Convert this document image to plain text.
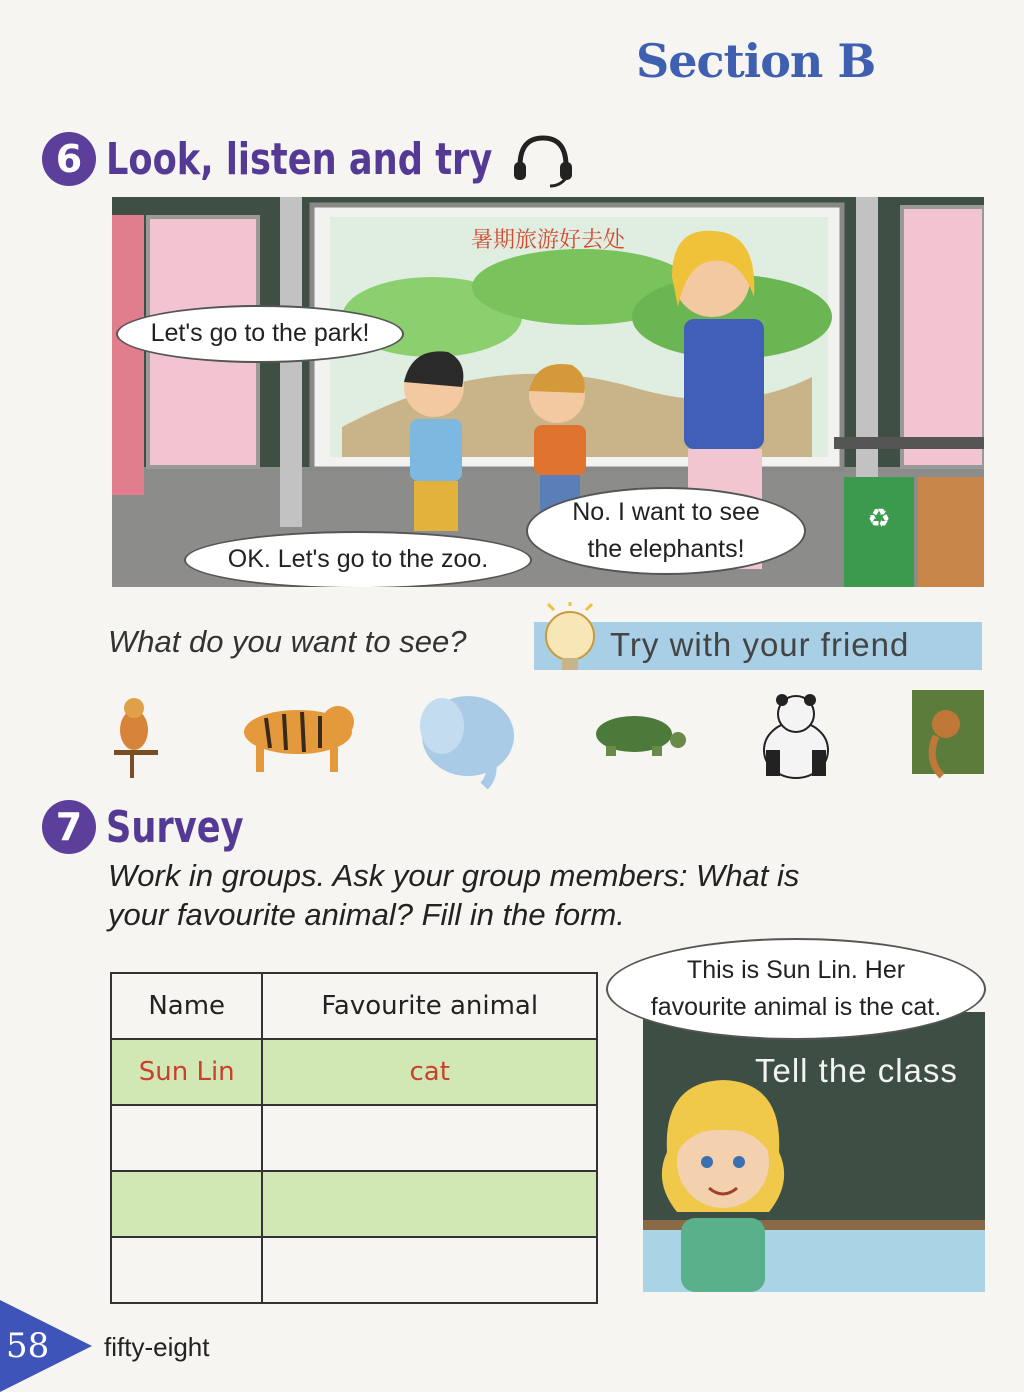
Section B
6 Look, listen and try
♻
暑期旅游好去处
Let's go to the park!
OK. Let's go to the zoo.
No. I want to see
the elephants!
What do you want to see?	Try with your friend
7 Survey
Work in groups. Ask your group members: What is
your favourite animal? Fill in the form.
Name	Favourite animal
Sun Lin	cat

		Tell the class
This is Sun Lin. Her
favourite animal is the cat.
58 fifty-eight
